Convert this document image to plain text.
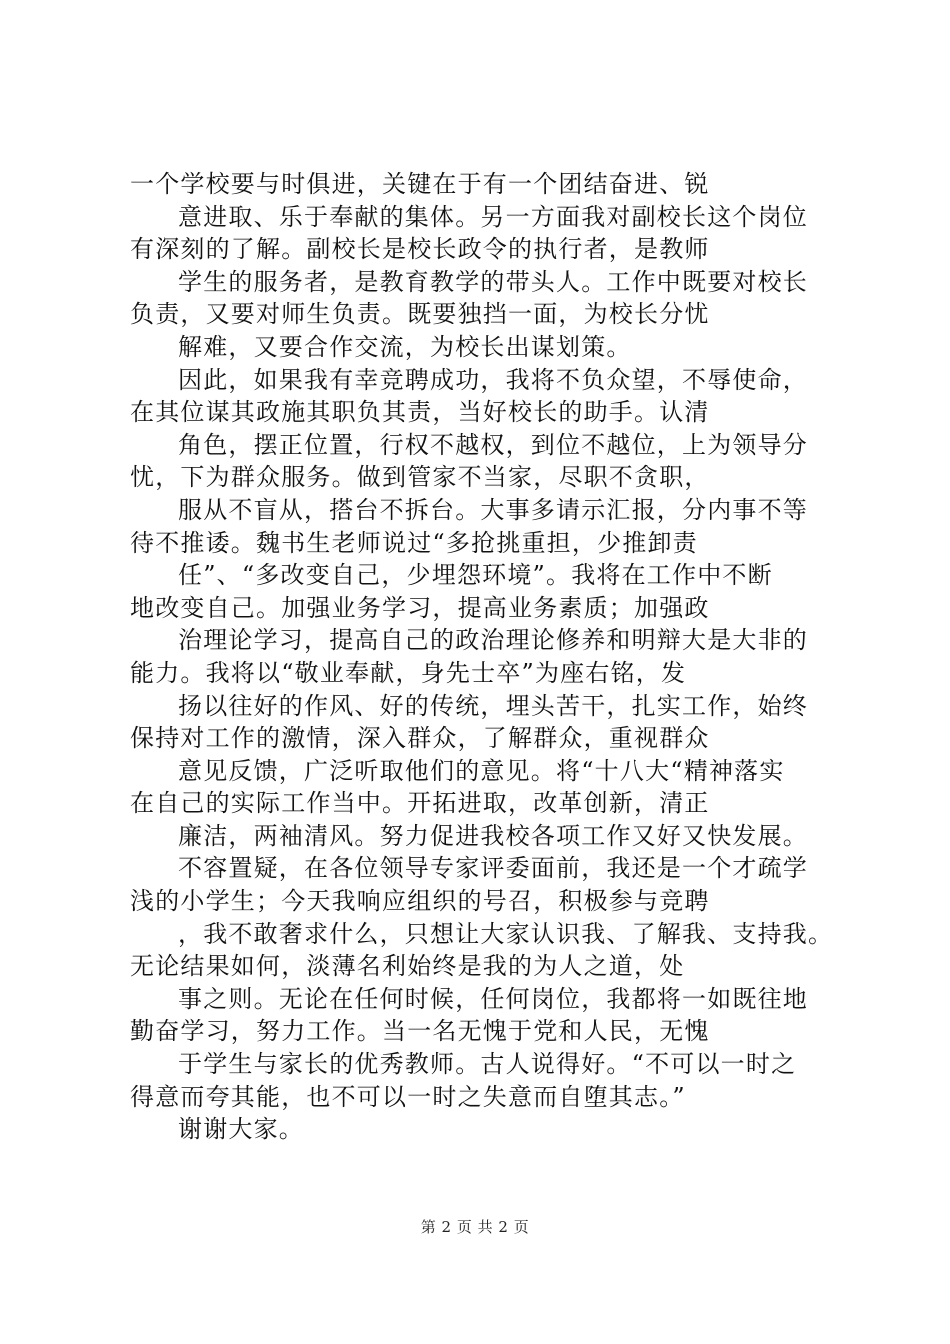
一个学校要与时俱进，关键在于有一个团结奋进、锐
意进取、乐于奉献的集体。另一方面我对副校长这个岗位
有深刻的了解。副校长是校长政令的执行者，是教师
学生的服务者，是教育教学的带头人。工作中既要对校长
负责，又要对师生负责。既要独挡一面，为校长分忧
解难，又要合作交流，为校长出谋划策。
因此，如果我有幸竞聘成功，我将不负众望，不辱使命，
在其位谋其政施其职负其责，当好校长的助手。认清
角色，摆正位置，行权不越权，到位不越位，上为领导分
忧，下为群众服务。做到管家不当家，尽职不贪职，
服从不盲从，搭台不拆台。大事多请示汇报，分内事不等
待不推诿。魏书生老师说过“多抢挑重担，少推卸责
任”、“多改变自己，少埋怨环境”。我将在工作中不断
地改变自己。加强业务学习，提高业务素质；加强政
治理论学习，提高自己的政治理论修养和明辩大是大非的
能力。我将以“敬业奉献，身先士卒”为座右铭，发
扬以往好的作风、好的传统，埋头苦干，扎实工作，始终
保持对工作的激情，深入群众，了解群众，重视群众
意见反馈，广泛听取他们的意见。将“十八大“精神落实
在自己的实际工作当中。开拓进取，改革创新，清正
廉洁，两袖清风。努力促进我校各项工作又好又快发展。
不容置疑，在各位领导专家评委面前，我还是一个才疏学
浅的小学生；今天我响应组织的号召，积极参与竞聘
，我不敢奢求什么，只想让大家认识我、了解我、支持我。
无论结果如何，淡薄名利始终是我的为人之道，处
事之则。无论在任何时候，任何岗位，我都将一如既往地
勤奋学习，努力工作。当一名无愧于党和人民，无愧
于学生与家长的优秀教师。古人说得好。“不可以一时之
得意而夸其能，也不可以一时之失意而自堕其志。”
谢谢大家。
第 2 页 共 2 页
